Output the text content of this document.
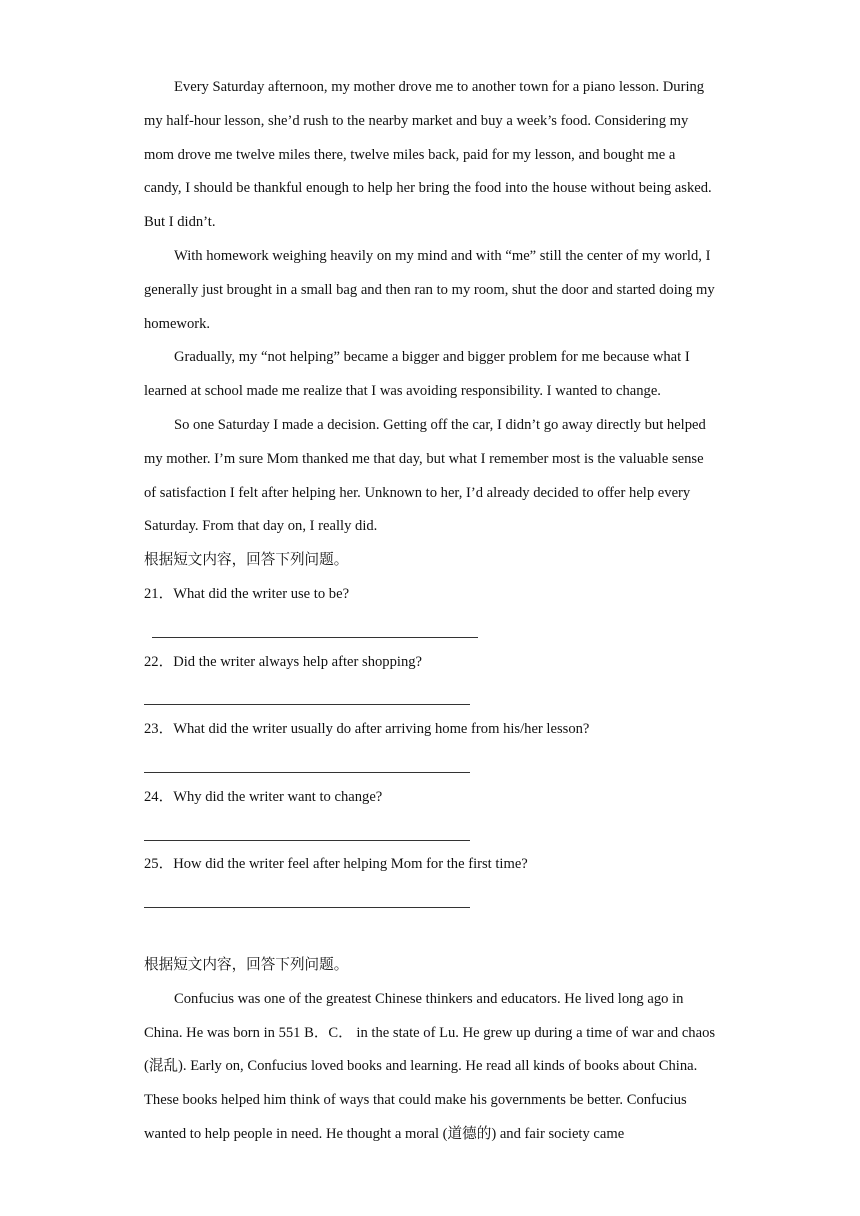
Every Saturday afternoon, my mother drove me to another town for a piano lesson. During my half-hour lesson, she’d rush to the nearby market and buy a week’s food. Considering my mom drove me twelve miles there, twelve miles back, paid for my lesson, and bought me a candy, I should be thankful enough to help her bring the food into the house without being asked. But I didn’t.

With homework weighing heavily on my mind and with “me” still the center of my world, I generally just brought in a small bag and then ran to my room, shut the door and started doing my homework.

Gradually, my “not helping” became a bigger and bigger problem for me because what I learned at school made me realize that I was avoiding responsibility. I wanted to change.

So one Saturday I made a decision. Getting off the car, I didn’t go away directly but helped my mother. I’m sure Mom thanked me that day, but what I remember most is the valuable sense of satisfaction I felt after helping her. Unknown to her, I’d already decided to offer help every Saturday. From that day on, I really did.

根据短文内容，回答下列问题。

21．What did the writer use to be?

22．Did the writer always help after shopping?

23．What did the writer usually do after arriving home from his/her lesson?

24．Why did the writer want to change?

25．How did the writer feel after helping Mom for the first time?

根据短文内容，回答下列问题。

Confucius was one of the greatest Chinese thinkers and educators. He lived long ago in China. He was born in 551 B．C． in the state of Lu. He grew up during a time of war and chaos (混乱). Early on, Confucius loved books and learning. He read all kinds of books about China. These books helped him think of ways that could make his governments be better. Confucius wanted to help people in need. He thought a moral (道德的) and fair society came
